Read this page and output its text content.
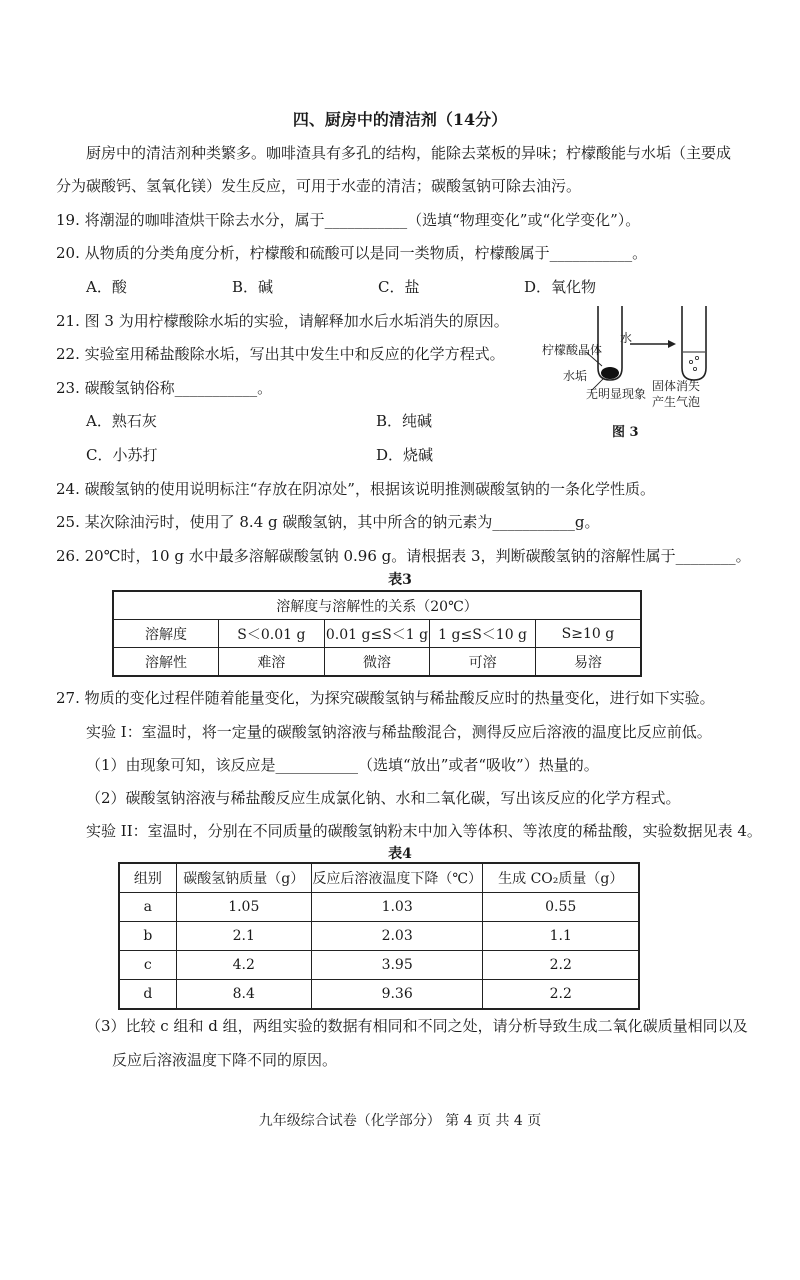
四、厨房中的清洁剂（14分）
厨房中的清洁剂种类繁多。咖啡渣具有多孔的结构，能除去菜板的异味；柠檬酸能与水垢（主要成
分为碳酸钙、氢氧化镁）发生反应，可用于水壶的清洁；碳酸氢钠可除去油污。
19. 将潮湿的咖啡渣烘干除去水分，属于___________（选填“物理变化”或“化学变化”）。
20. 从物质的分类角度分析，柠檬酸和硫酸可以是同一类物质，柠檬酸属于___________。
A．酸	B．碱	C．盐	D．氧化物
21. 图 3 为用柠檬酸除水垢的实验，请解释加水后水垢消失的原因。
22. 实验室用稀盐酸除水垢，写出其中发生中和反应的化学方程式。
23. 碳酸氢钠俗称___________。
A．熟石灰	B．纯碱
C．小苏打	D．烧碱
水
柠檬酸晶体
水垢
无明显现象
固体消失
产生气泡
图 3
24. 碳酸氢钠的使用说明标注“存放在阴凉处”，根据该说明推测碳酸氢钠的一条化学性质。
25. 某次除油污时，使用了 8.4 g 碳酸氢钠，其中所含的钠元素为___________g。
26. 20℃时，10 g 水中最多溶解碳酸氢钠 0.96 g。请根据表 3，判断碳酸氢钠的溶解性属于________。
表3
溶解度与溶解性的关系（20℃）				
溶解度	S＜0.01 g	0.01 g≤S＜1 g	1 g≤S＜10 g	S≥10 g
溶解性	难溶	微溶	可溶	易溶
27. 物质的变化过程伴随着能量变化，为探究碳酸氢钠与稀盐酸反应时的热量变化，进行如下实验。
实验 I：室温时，将一定量的碳酸氢钠溶液与稀盐酸混合，测得反应后溶液的温度比反应前低。
（1）由现象可知，该反应是___________（选填“放出”或者“吸收”）热量的。
（2）碳酸氢钠溶液与稀盐酸反应生成氯化钠、水和二氧化碳，写出该反应的化学方程式。
实验 II：室温时，分别在不同质量的碳酸氢钠粉末中加入等体积、等浓度的稀盐酸，实验数据见表 4。
表4
组别	碳酸氢钠质量（g）	反应后溶液温度下降（℃）	生成 CO₂质量（g）
a	1.05	1.03	0.55
b	2.1	2.03	1.1
c	4.2	3.95	2.2
d	8.4	9.36	2.2
（3）比较 c 组和 d 组，两组实验的数据有相同和不同之处，请分析导致生成二氧化碳质量相同以及
反应后溶液温度下降不同的原因。
九年级综合试卷（化学部分） 第 4 页 共 4 页
